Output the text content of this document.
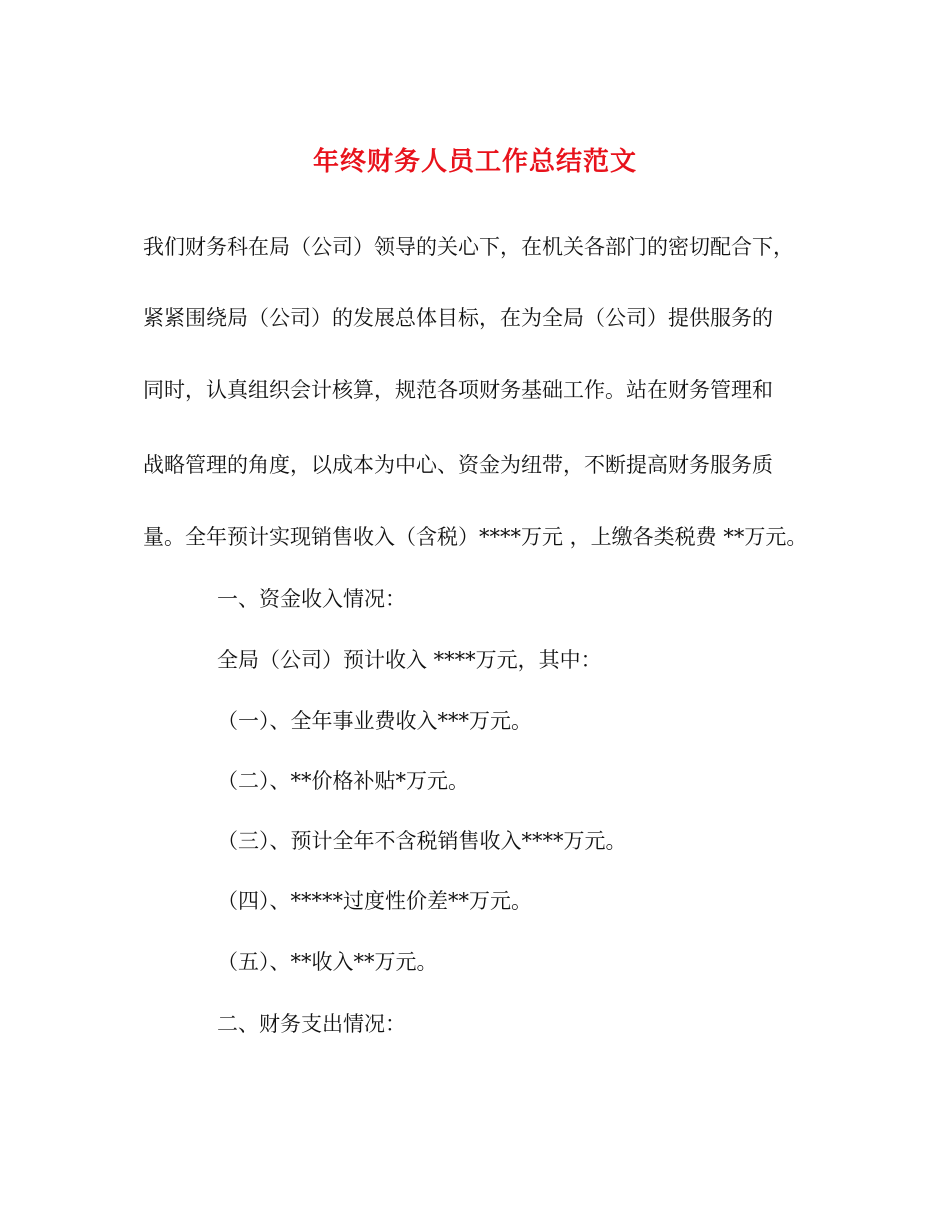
年终财务人员工作总结范文
我们财务科在局（公司）领导的关心下，在机关各部门的密切配合下，
紧紧围绕局（公司）的发展总体目标，在为全局（公司）提供服务的
同时，认真组织会计核算，规范各项财务基础工作。站在财务管理和
战略管理的角度，以成本为中心、资金为纽带，不断提高财务服务质
量。全年预计实现销售收入（含税）****万元 ，上缴各类税费 **万元。
一、资金收入情况：
全局（公司）预计收入 ****万元，其中：
（一）、全年事业费收入***万元。
（二）、**价格补贴*万元。
（三）、预计全年不含税销售收入****万元。
（四）、*****过度性价差**万元。
（五）、**收入**万元。
二、财务支出情况：
